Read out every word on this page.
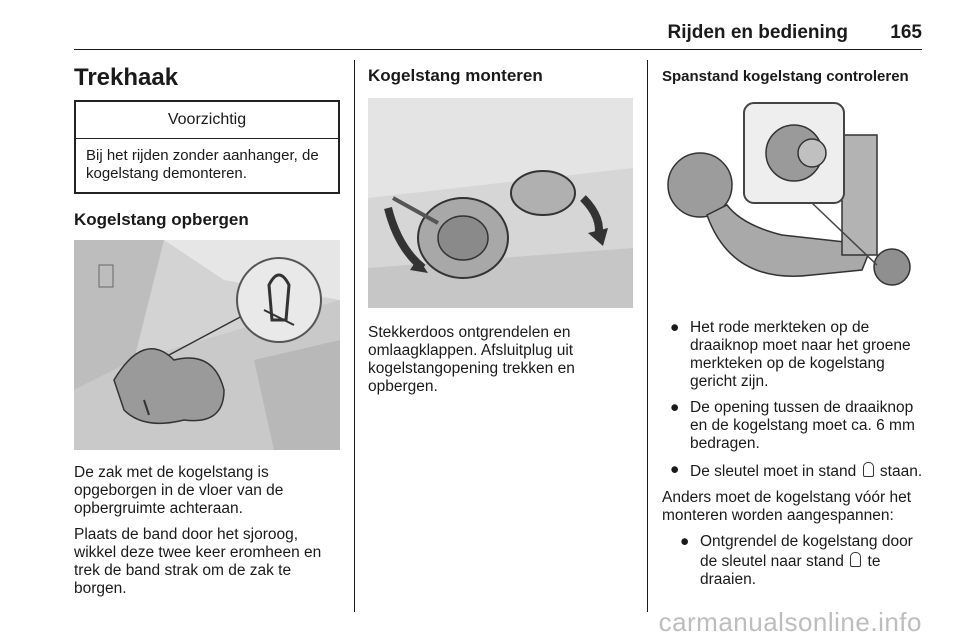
Rijden en bediening 165
Trekhaak
Voorzichtig
Bij het rijden zonder aanhanger, de kogelstang demonteren.
Kogelstang opbergen

De zak met de kogelstang is opgeborgen in de vloer van de opbergruimte achteraan.

Plaats de band door het sjoroog, wikkel deze twee keer eromheen en trek de band strak om de zak te borgen.

Kogelstang monteren

Stekkerdoos ontgrendelen en omlaagklappen. Afsluitplug uit kogelstangopening trekken en opbergen.

Spanstand kogelstang controleren
● Het rode merkteken op de draaiknop moet naar het groene merkteken op de kogelstang gericht zijn.
● De opening tussen de draaiknop en de kogelstang moet ca. 6 mm bedragen.
● De sleutel moet in stand staan.

Anders moet de kogelstang vóór het monteren worden aangespannen:

● Ontgrendel de kogelstang door de sleutel naar stand te draaien.
carmanualsonline.info
